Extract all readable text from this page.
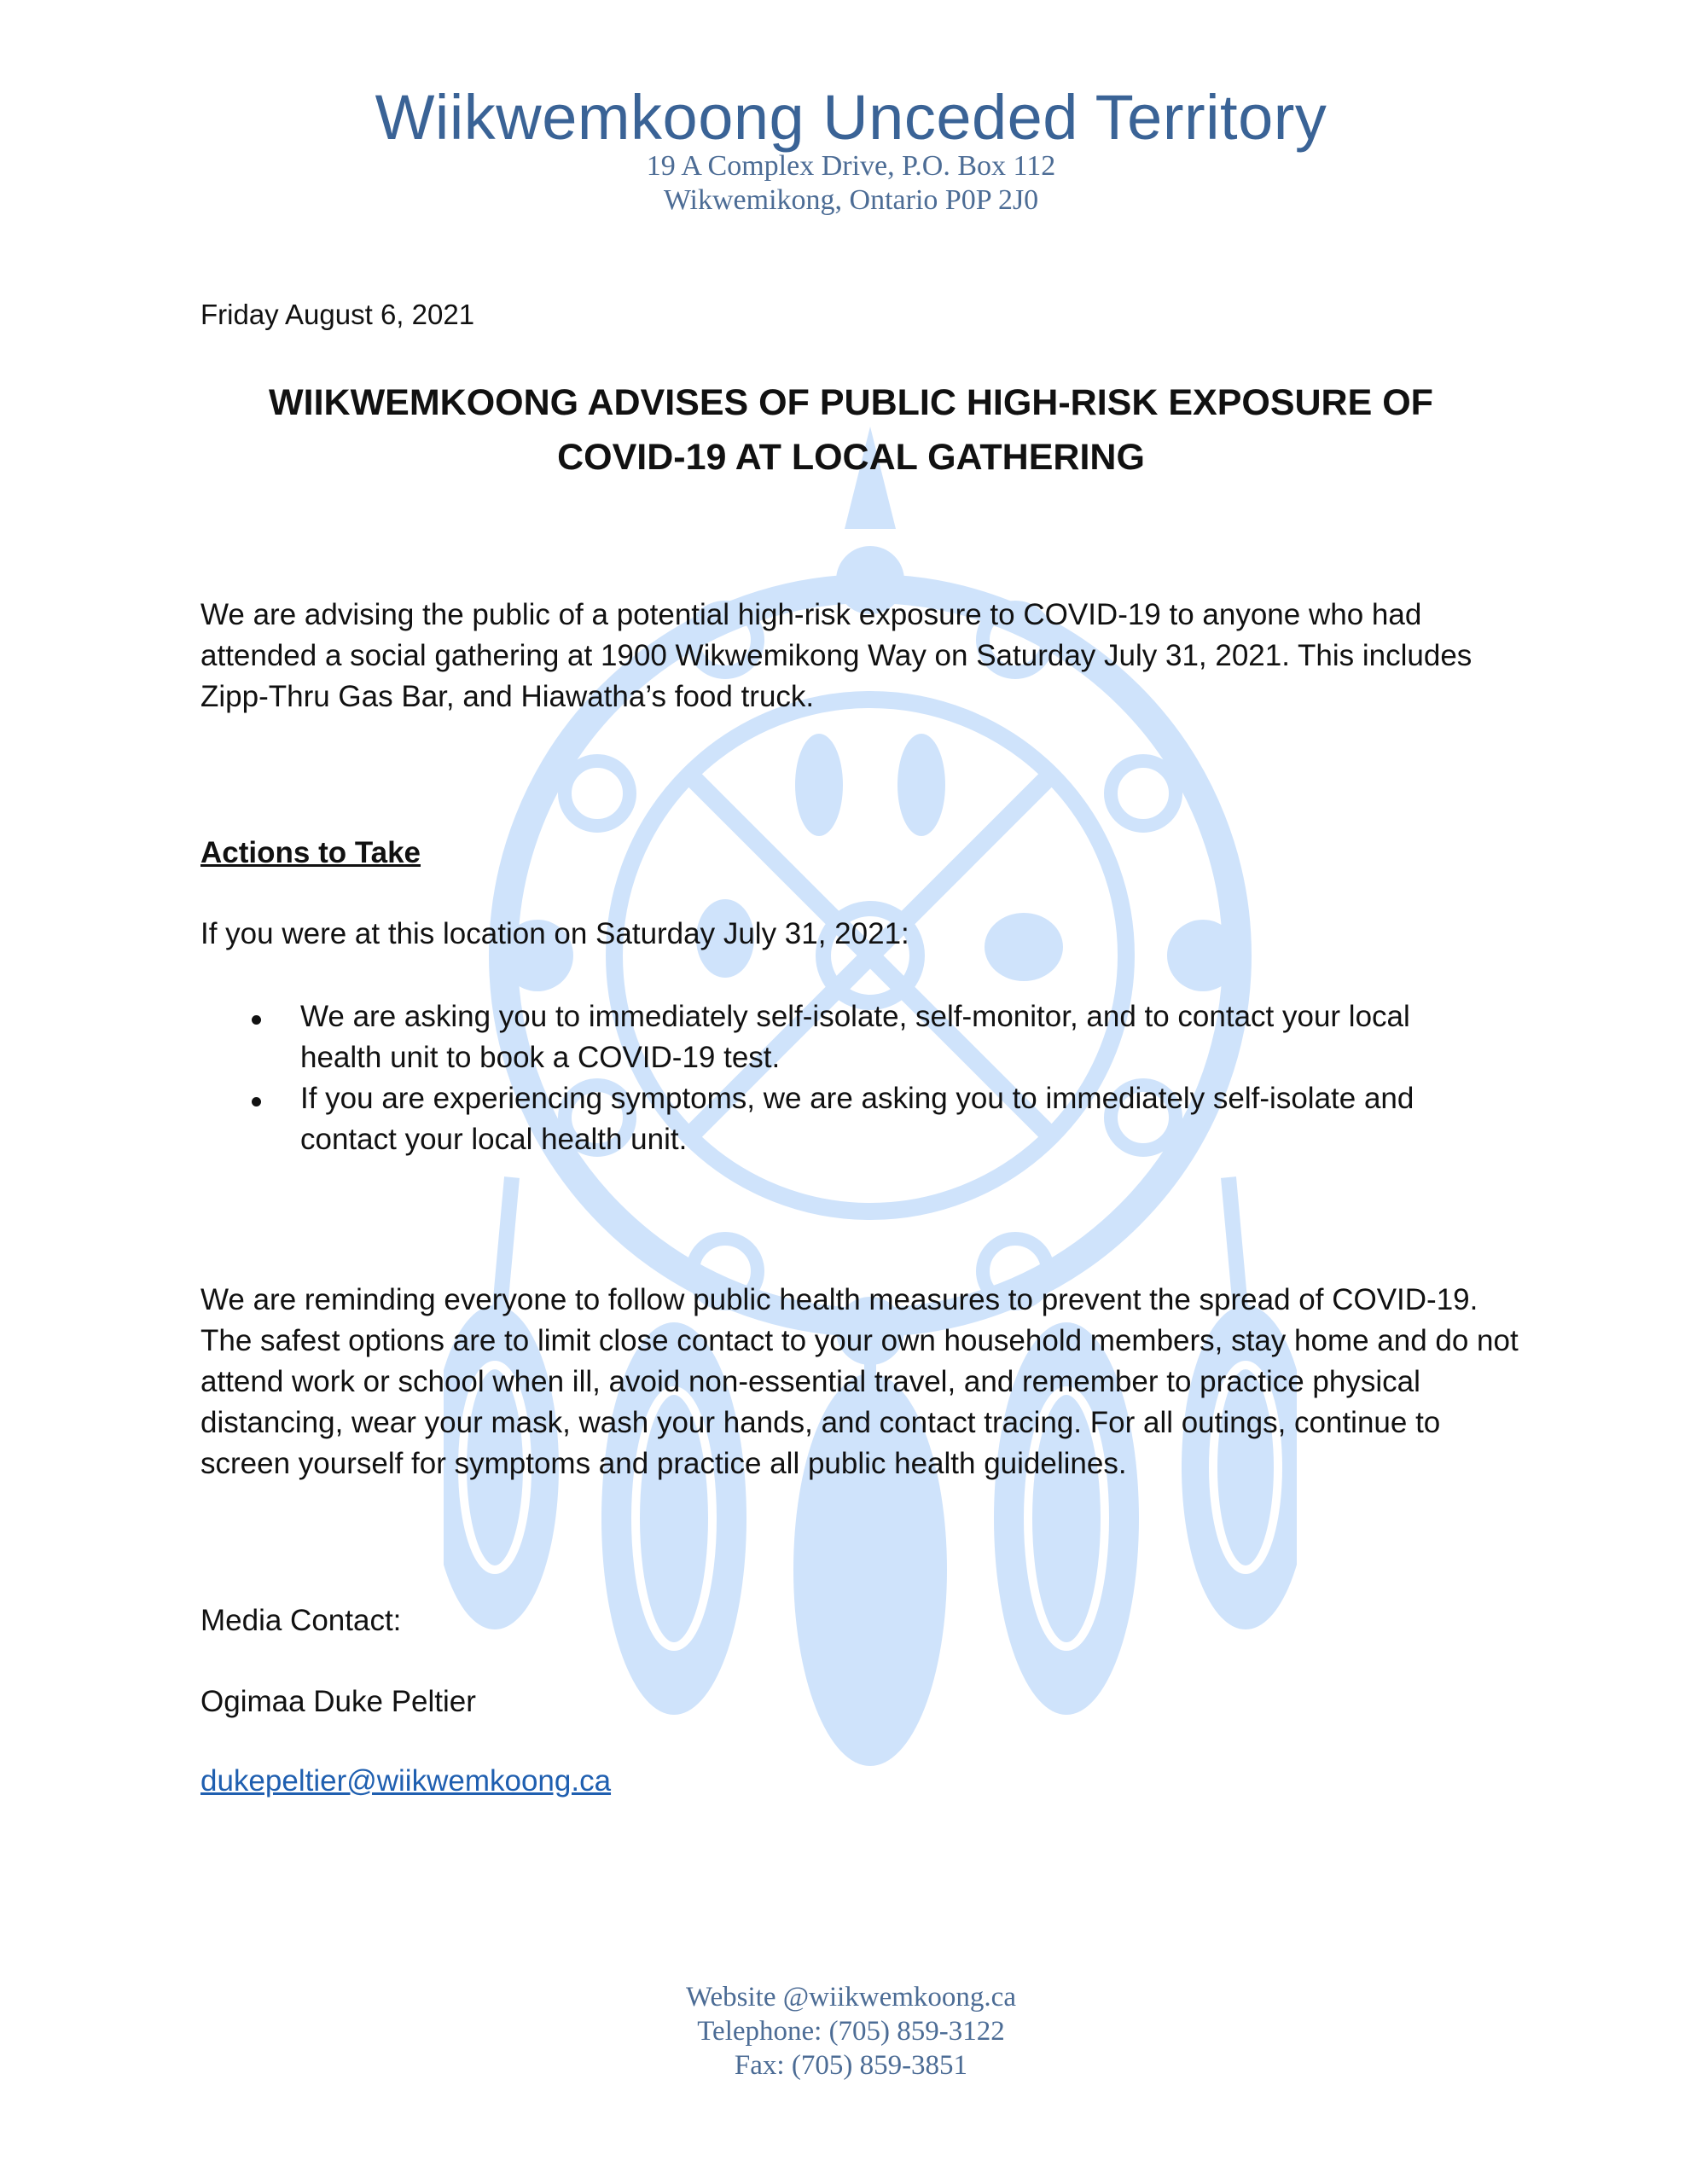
Wiikwemkoong Unceded Territory
19 A Complex Drive, P.O. Box 112
Wikwemikong, Ontario P0P 2J0
Friday August 6, 2021
WIIKWEMKOONG ADVISES OF PUBLIC HIGH-RISK EXPOSURE OF COVID-19 AT LOCAL GATHERING
We are advising the public of a potential high-risk exposure to COVID-19 to anyone who had attended a social gathering at 1900 Wikwemikong Way on Saturday July 31, 2021. This includes Zipp-Thru Gas Bar, and Hiawatha’s food truck.
Actions to Take
If you were at this location on Saturday July 31, 2021:
We are asking you to immediately self-isolate, self-monitor, and to contact your local health unit to book a COVID-19 test.
If you are experiencing symptoms, we are asking you to immediately self-isolate and contact your local health unit.
We are reminding everyone to follow public health measures to prevent the spread of COVID-19. The safest options are to limit close contact to your own household members, stay home and do not attend work or school when ill, avoid non-essential travel, and remember to practice physical distancing, wear your mask, wash your hands, and contact tracing. For all outings, continue to screen yourself for symptoms and practice all public health guidelines.
Media Contact:
Ogimaa Duke Peltier
dukepeltier@wiikwemkoong.ca
Website @wiikwemkoong.ca
Telephone: (705) 859-3122
Fax: (705) 859-3851
